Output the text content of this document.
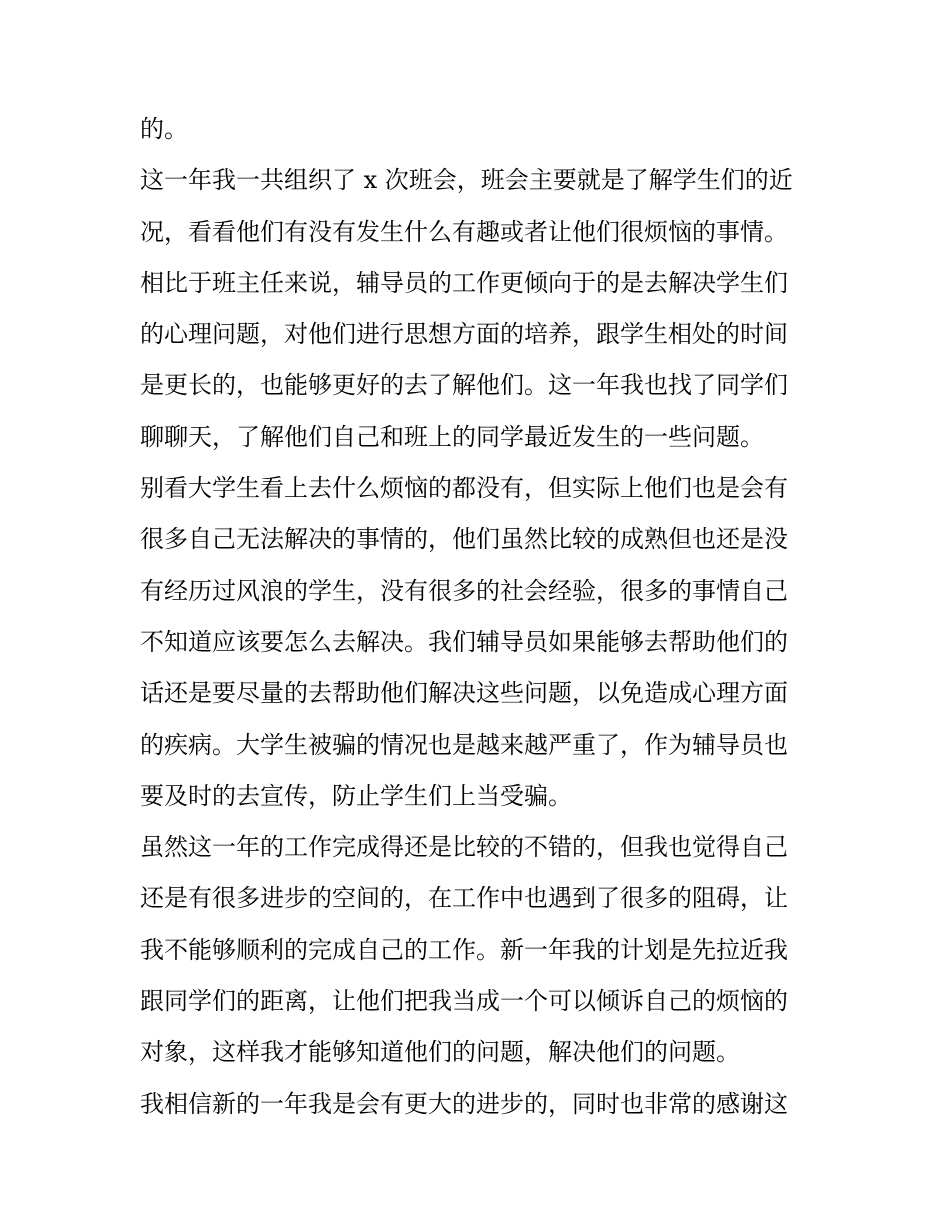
的。
这一年我一共组织了 x 次班会，班会主要就是了解学生们的近
况，看看他们有没有发生什么有趣或者让他们很烦恼的事情。
相比于班主任来说，辅导员的工作更倾向于的是去解决学生们
的心理问题，对他们进行思想方面的培养，跟学生相处的时间
是更长的，也能够更好的去了解他们。这一年我也找了同学们
聊聊天，了解他们自己和班上的同学最近发生的一些问题。
别看大学生看上去什么烦恼的都没有，但实际上他们也是会有
很多自己无法解决的事情的，他们虽然比较的成熟但也还是没
有经历过风浪的学生，没有很多的社会经验，很多的事情自己
不知道应该要怎么去解决。我们辅导员如果能够去帮助他们的
话还是要尽量的去帮助他们解决这些问题，以免造成心理方面
的疾病。大学生被骗的情况也是越来越严重了，作为辅导员也
要及时的去宣传，防止学生们上当受骗。
虽然这一年的工作完成得还是比较的不错的，但我也觉得自己
还是有很多进步的空间的，在工作中也遇到了很多的阻碍，让
我不能够顺利的完成自己的工作。新一年我的计划是先拉近我
跟同学们的距离，让他们把我当成一个可以倾诉自己的烦恼的
对象，这样我才能够知道他们的问题，解决他们的问题。
我相信新的一年我是会有更大的进步的，同时也非常的感谢这
